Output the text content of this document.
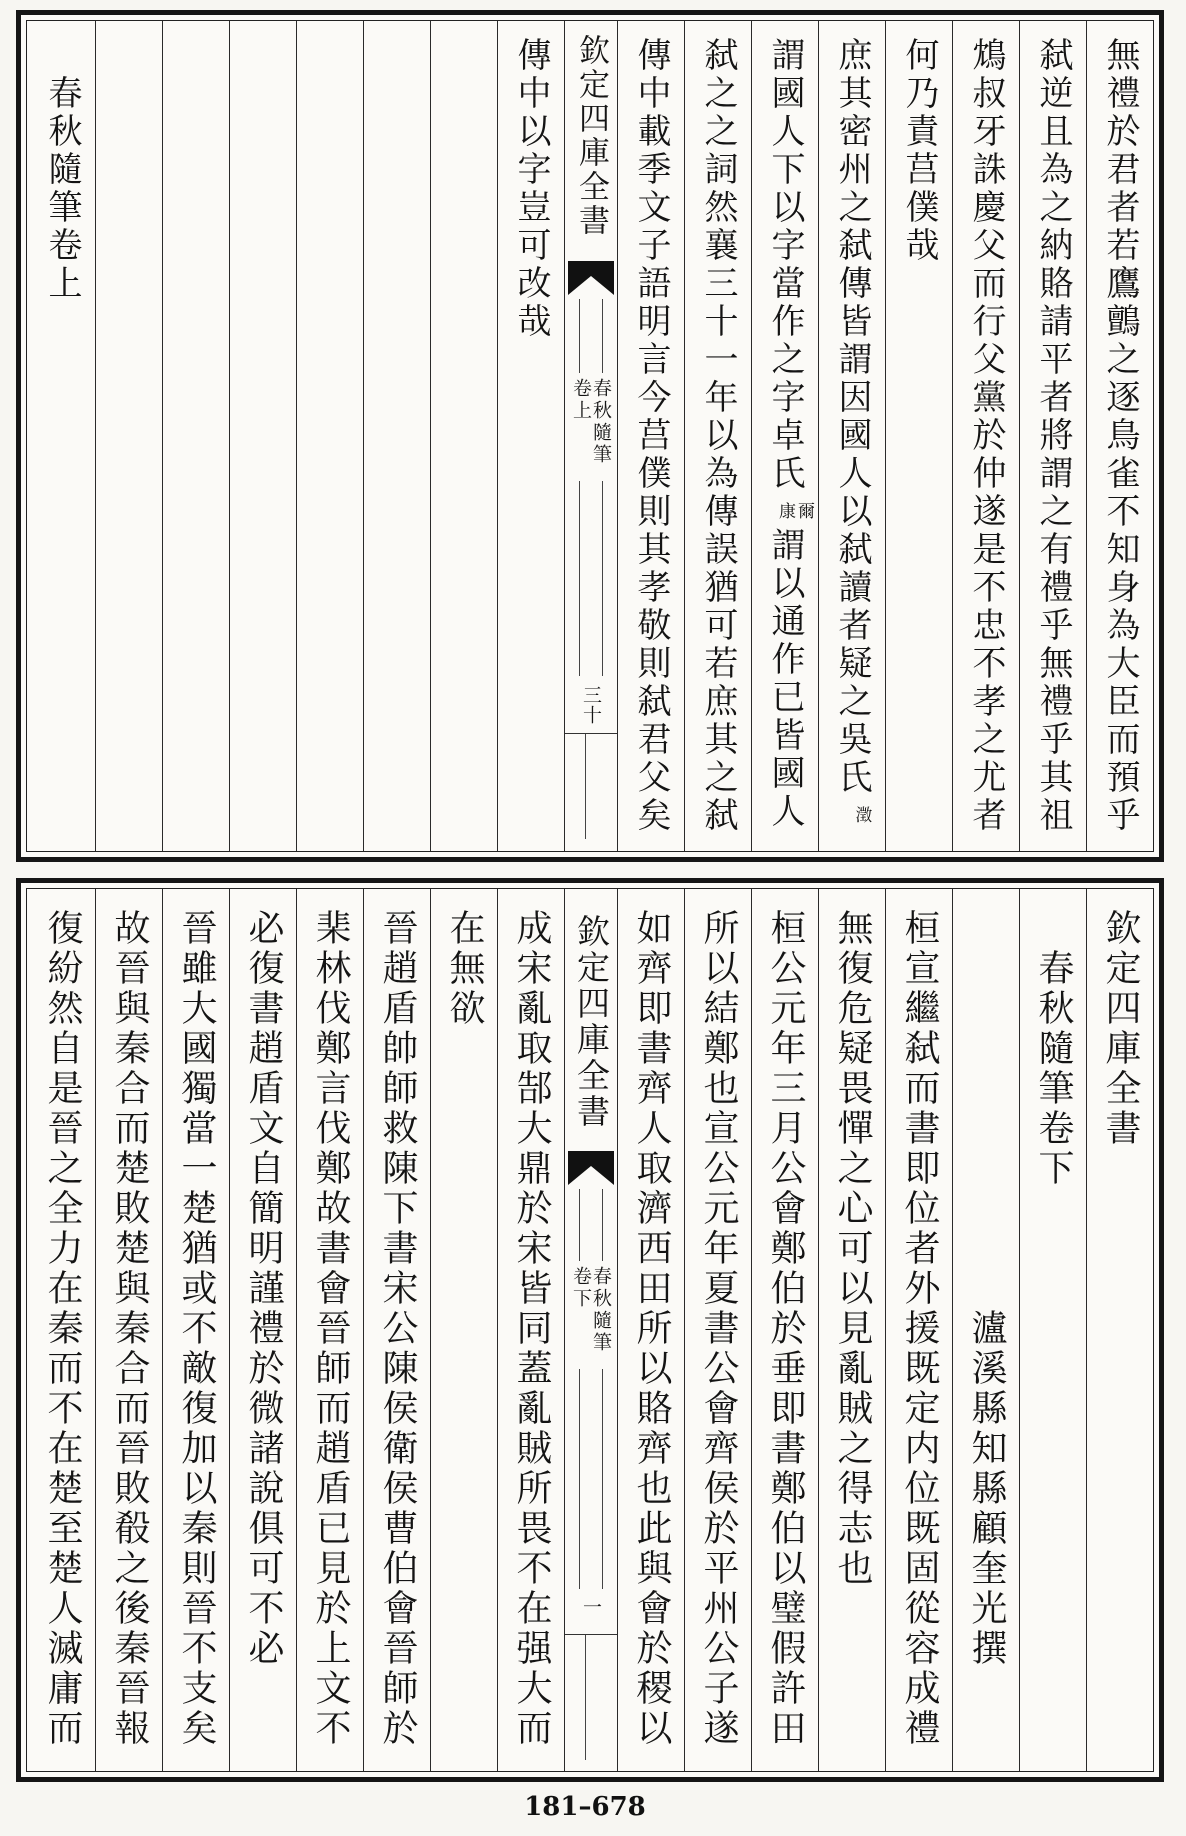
無禮於君者若鷹鸇之逐鳥雀不知身為大臣而預乎
弑逆且為之納賂請平者將謂之有禮乎無禮乎其祖
鴆叔牙誅慶父而行父黨於仲遂是不忠不孝之尤者
何乃責莒僕哉
庶其密州之弑傳皆謂因國人以弑讀者疑之吳氏
澂
謂國人下以字當作之字卓氏
爾
康
謂以通作已皆國人
弑之之詞然襄三十一年以為傳誤猶可若庶其之弑
傳中載季文子語明言今莒僕則其孝敬則弑君父矣
欽定四庫全書
春秋隨筆
卷上
三十
傳中以字豈可改哉
春秋隨筆卷上
欽定四庫全書
春秋隨筆卷下
瀘溪縣知縣顧奎光撰
桓宣繼弑而書即位者外援既定内位既固從容成禮
無復危疑畏憚之心可以見亂賊之得志也
桓公元年三月公會鄭伯於垂即書鄭伯以璧假許田
所以結鄭也宣公元年夏書公會齊侯於平州公子遂
如齊即書齊人取濟西田所以賂齊也此與會於稷以
欽定四庫全書
春秋隨筆
卷下
一
成宋亂取郜大鼎於宋皆同蓋亂賊所畏不在强大而
在無欲
晉趙盾帥師救陳下書宋公陳侯衛侯曹伯會晉師於
棐林伐鄭言伐鄭故書會晉師而趙盾已見於上文不
必復書趙盾文自簡明謹禮於微諸說俱可不必
晉雖大國獨當一楚猶或不敵復加以秦則晉不支矣
故晉與秦合而楚敗楚與秦合而晉敗殽之後秦晉報
復紛然自是晉之全力在秦而不在楚至楚人滅庸而
181–678
